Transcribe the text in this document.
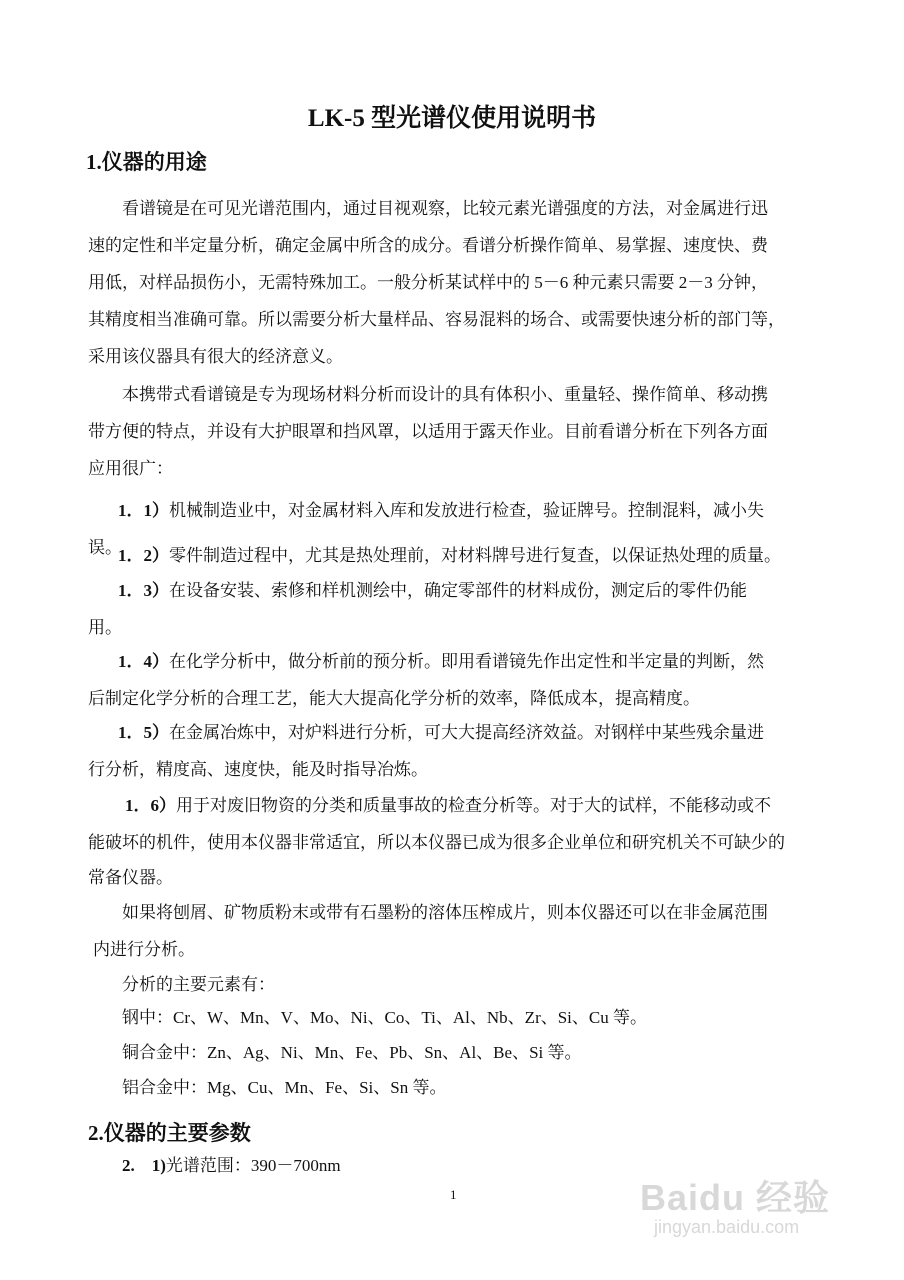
LK-5 型光谱仪使用说明书
1.仪器的用途
看谱镜是在可见光谱范围内，通过目视观察，比较元素光谱强度的方法，对金属进行迅
速的定性和半定量分析，确定金属中所含的成分。看谱分析操作简单、易掌握、速度快、费
用低，对样品损伤小，无需特殊加工。一般分析某试样中的 5－6 种元素只需要 2－3 分钟，
其精度相当准确可靠。所以需要分析大量样品、容易混料的场合、或需要快速分析的部门等，
采用该仪器具有很大的经济意义。
本携带式看谱镜是专为现场材料分析而设计的具有体积小、重量轻、操作简单、移动携
带方便的特点，并设有大护眼罩和挡风罩，以适用于露天作业。目前看谱分析在下列各方面
应用很广：
1．1）机械制造业中，对金属材料入库和发放进行检查，验证牌号。控制混料，减小失
误。
1．2）零件制造过程中，尤其是热处理前，对材料牌号进行复查，以保证热处理的质量。
1．3）在设备安装、索修和样机测绘中，确定零部件的材料成份，测定后的零件仍能
用。
1．4）在化学分析中，做分析前的预分析。即用看谱镜先作出定性和半定量的判断，然
后制定化学分析的合理工艺，能大大提高化学分析的效率，降低成本，提高精度。
1．5）在金属冶炼中，对炉料进行分析，可大大提高经济效益。对钢样中某些残余量进
行分析，精度高、速度快，能及时指导冶炼。
1．6）用于对废旧物资的分类和质量事故的检查分析等。对于大的试样，不能移动或不
能破坏的机件，使用本仪器非常适宜，所以本仪器已成为很多企业单位和研究机关不可缺少的
常备仪器。
如果将刨屑、矿物质粉末或带有石墨粉的溶体压榨成片，则本仪器还可以在非金属范围
内进行分析。
分析的主要元素有：
钢中：Cr、W、Mn、V、Mo、Ni、Co、Ti、Al、Nb、Zr、Si、Cu 等。
铜合金中：Zn、Ag、Ni、Mn、Fe、Pb、Sn、Al、Be、Si 等。
铝合金中：Mg、Cu、Mn、Fe、Si、Sn 等。
2.仪器的主要参数
2.　1)光谱范围：390－700nm
1	Baidu 经验
jingyan.baidu.com
